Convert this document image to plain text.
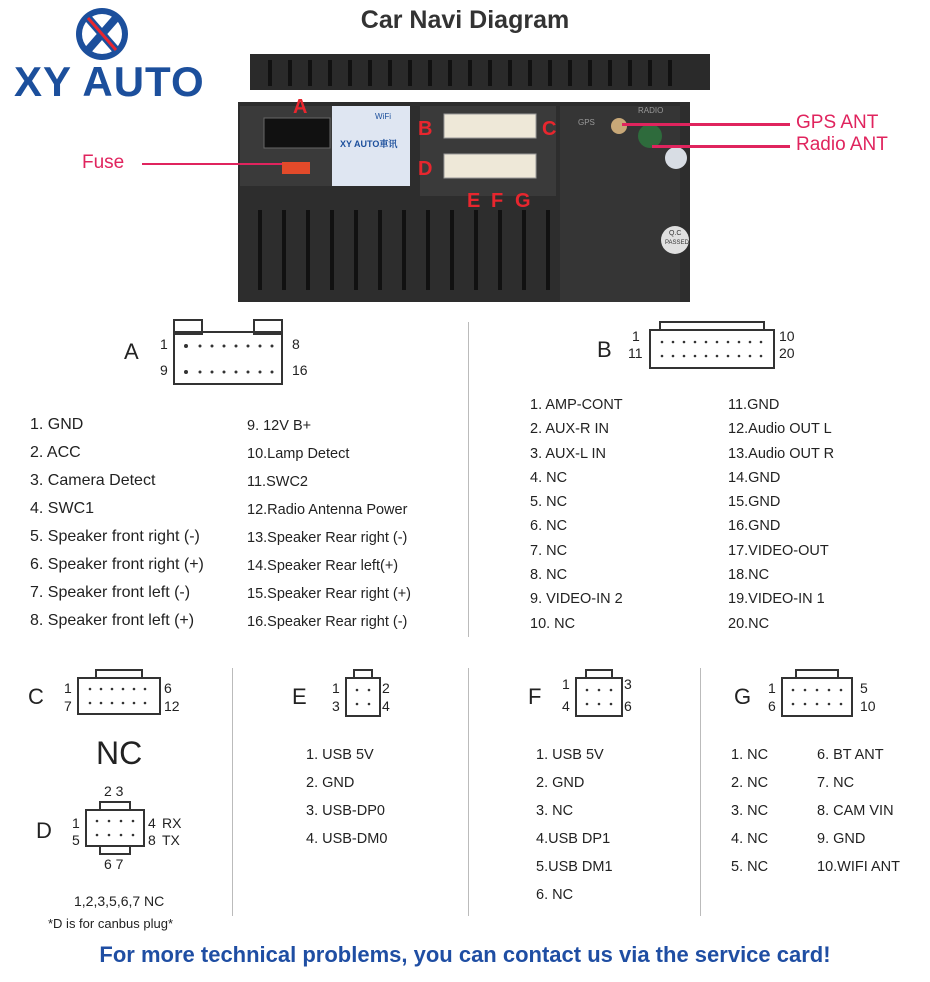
Car Navi Diagram
XY AUTO
WiFi
XY AUTO車讯
GPS
RADIO
Q.C
PASSED
A
B	C
D
E F G
Fuse
GPS ANT
Radio ANT
A 1	8
9	16
1. GND
2. ACC
3. Camera Detect
4. SWC1
5. Speaker front right (-)
6. Speaker front right (+)
7. Speaker front left (-)
8. Speaker front left (+)
9. 12V B+
10.Lamp Detect
11.SWC2
12.Radio Antenna Power
13.Speaker Rear right (-)
14.Speaker Rear left(+)
15.Speaker Rear right (+)
16.Speaker Rear right (-)
B
1	10
11	20
1. AMP-CONT
2. AUX-R IN
3. AUX-L IN
4. NC
5. NC
6. NC
7. NC
8. NC
9. VIDEO-IN 2
10. NC
11.GND
12.Audio OUT L
13.Audio OUT R
14.GND
15.GND
16.GND
17.VIDEO-OUT
18.NC
19.VIDEO-IN 1
20.NC
C 1	6
7	12
NC
2 3
D 1
5
4
8
RX
TX
6 7
1,2,3,5,6,7 NC
*D is for canbus plug*
E 1	2
3	4
1. USB 5V
2. GND
3. USB-DP0
4. USB-DM0
F 1	3
4	6
1. USB 5V
2. GND
3. NC
4.USB DP1
5.USB DM1
6. NC
G 1	5
6	10
1. NC
2. NC
3. NC
4. NC
5. NC
6. BT ANT
7. NC
8. CAM VIN
9. GND
10.WIFI ANT
For more technical problems, you can contact us via the service card!
